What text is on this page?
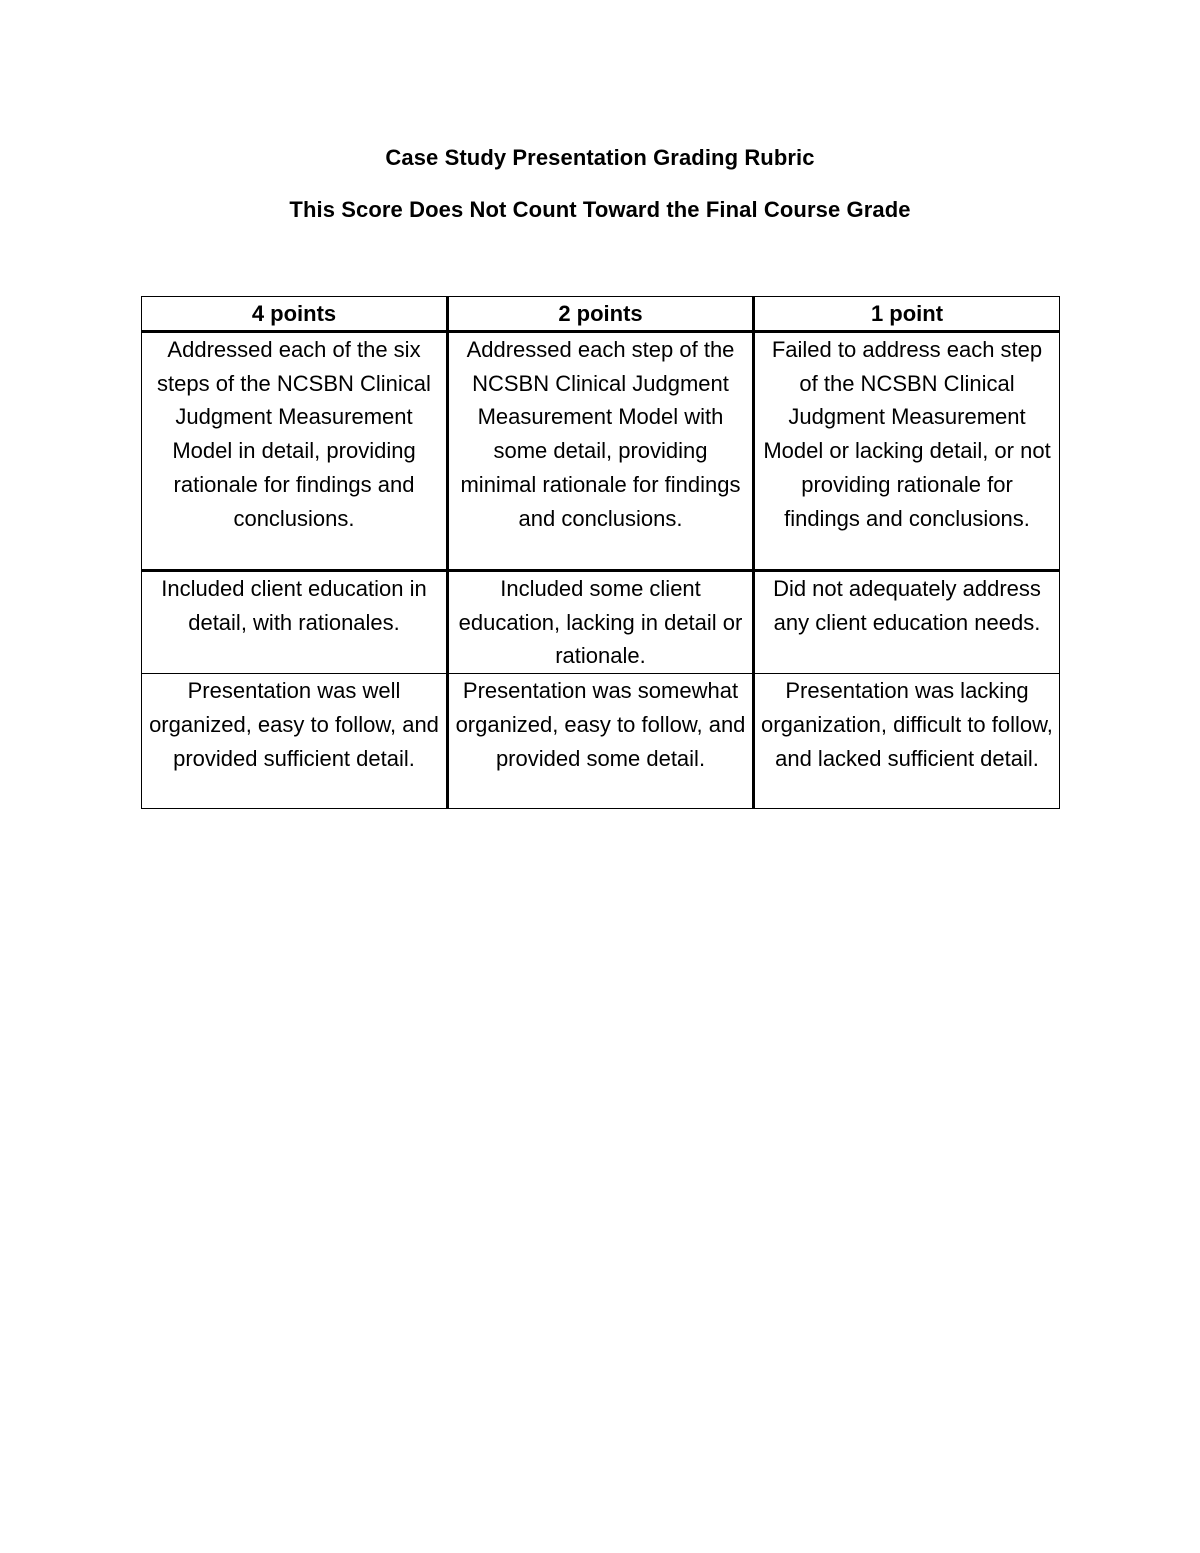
Case Study Presentation Grading Rubric
This Score Does Not Count Toward the Final Course Grade
4 points	2 points	1 point
Addressed each of the six steps of the NCSBN Clinical Judgment Measurement Model in detail, providing rationale for findings and conclusions.	Addressed each step of the NCSBN Clinical Judgment Measurement Model with some detail, providing minimal rationale for findings and conclusions.	Failed to address each step of the NCSBN Clinical Judgment Measurement Model or lacking detail, or not providing rationale for findings and conclusions.
Included client education in detail, with rationales.	Included some client education, lacking in detail or rationale.	Did not adequately address any client education needs.
Presentation was well organized, easy to follow, and provided sufficient detail.	Presentation was somewhat organized, easy to follow, and provided some detail.	Presentation was lacking organization, difficult to follow, and lacked sufficient detail.
